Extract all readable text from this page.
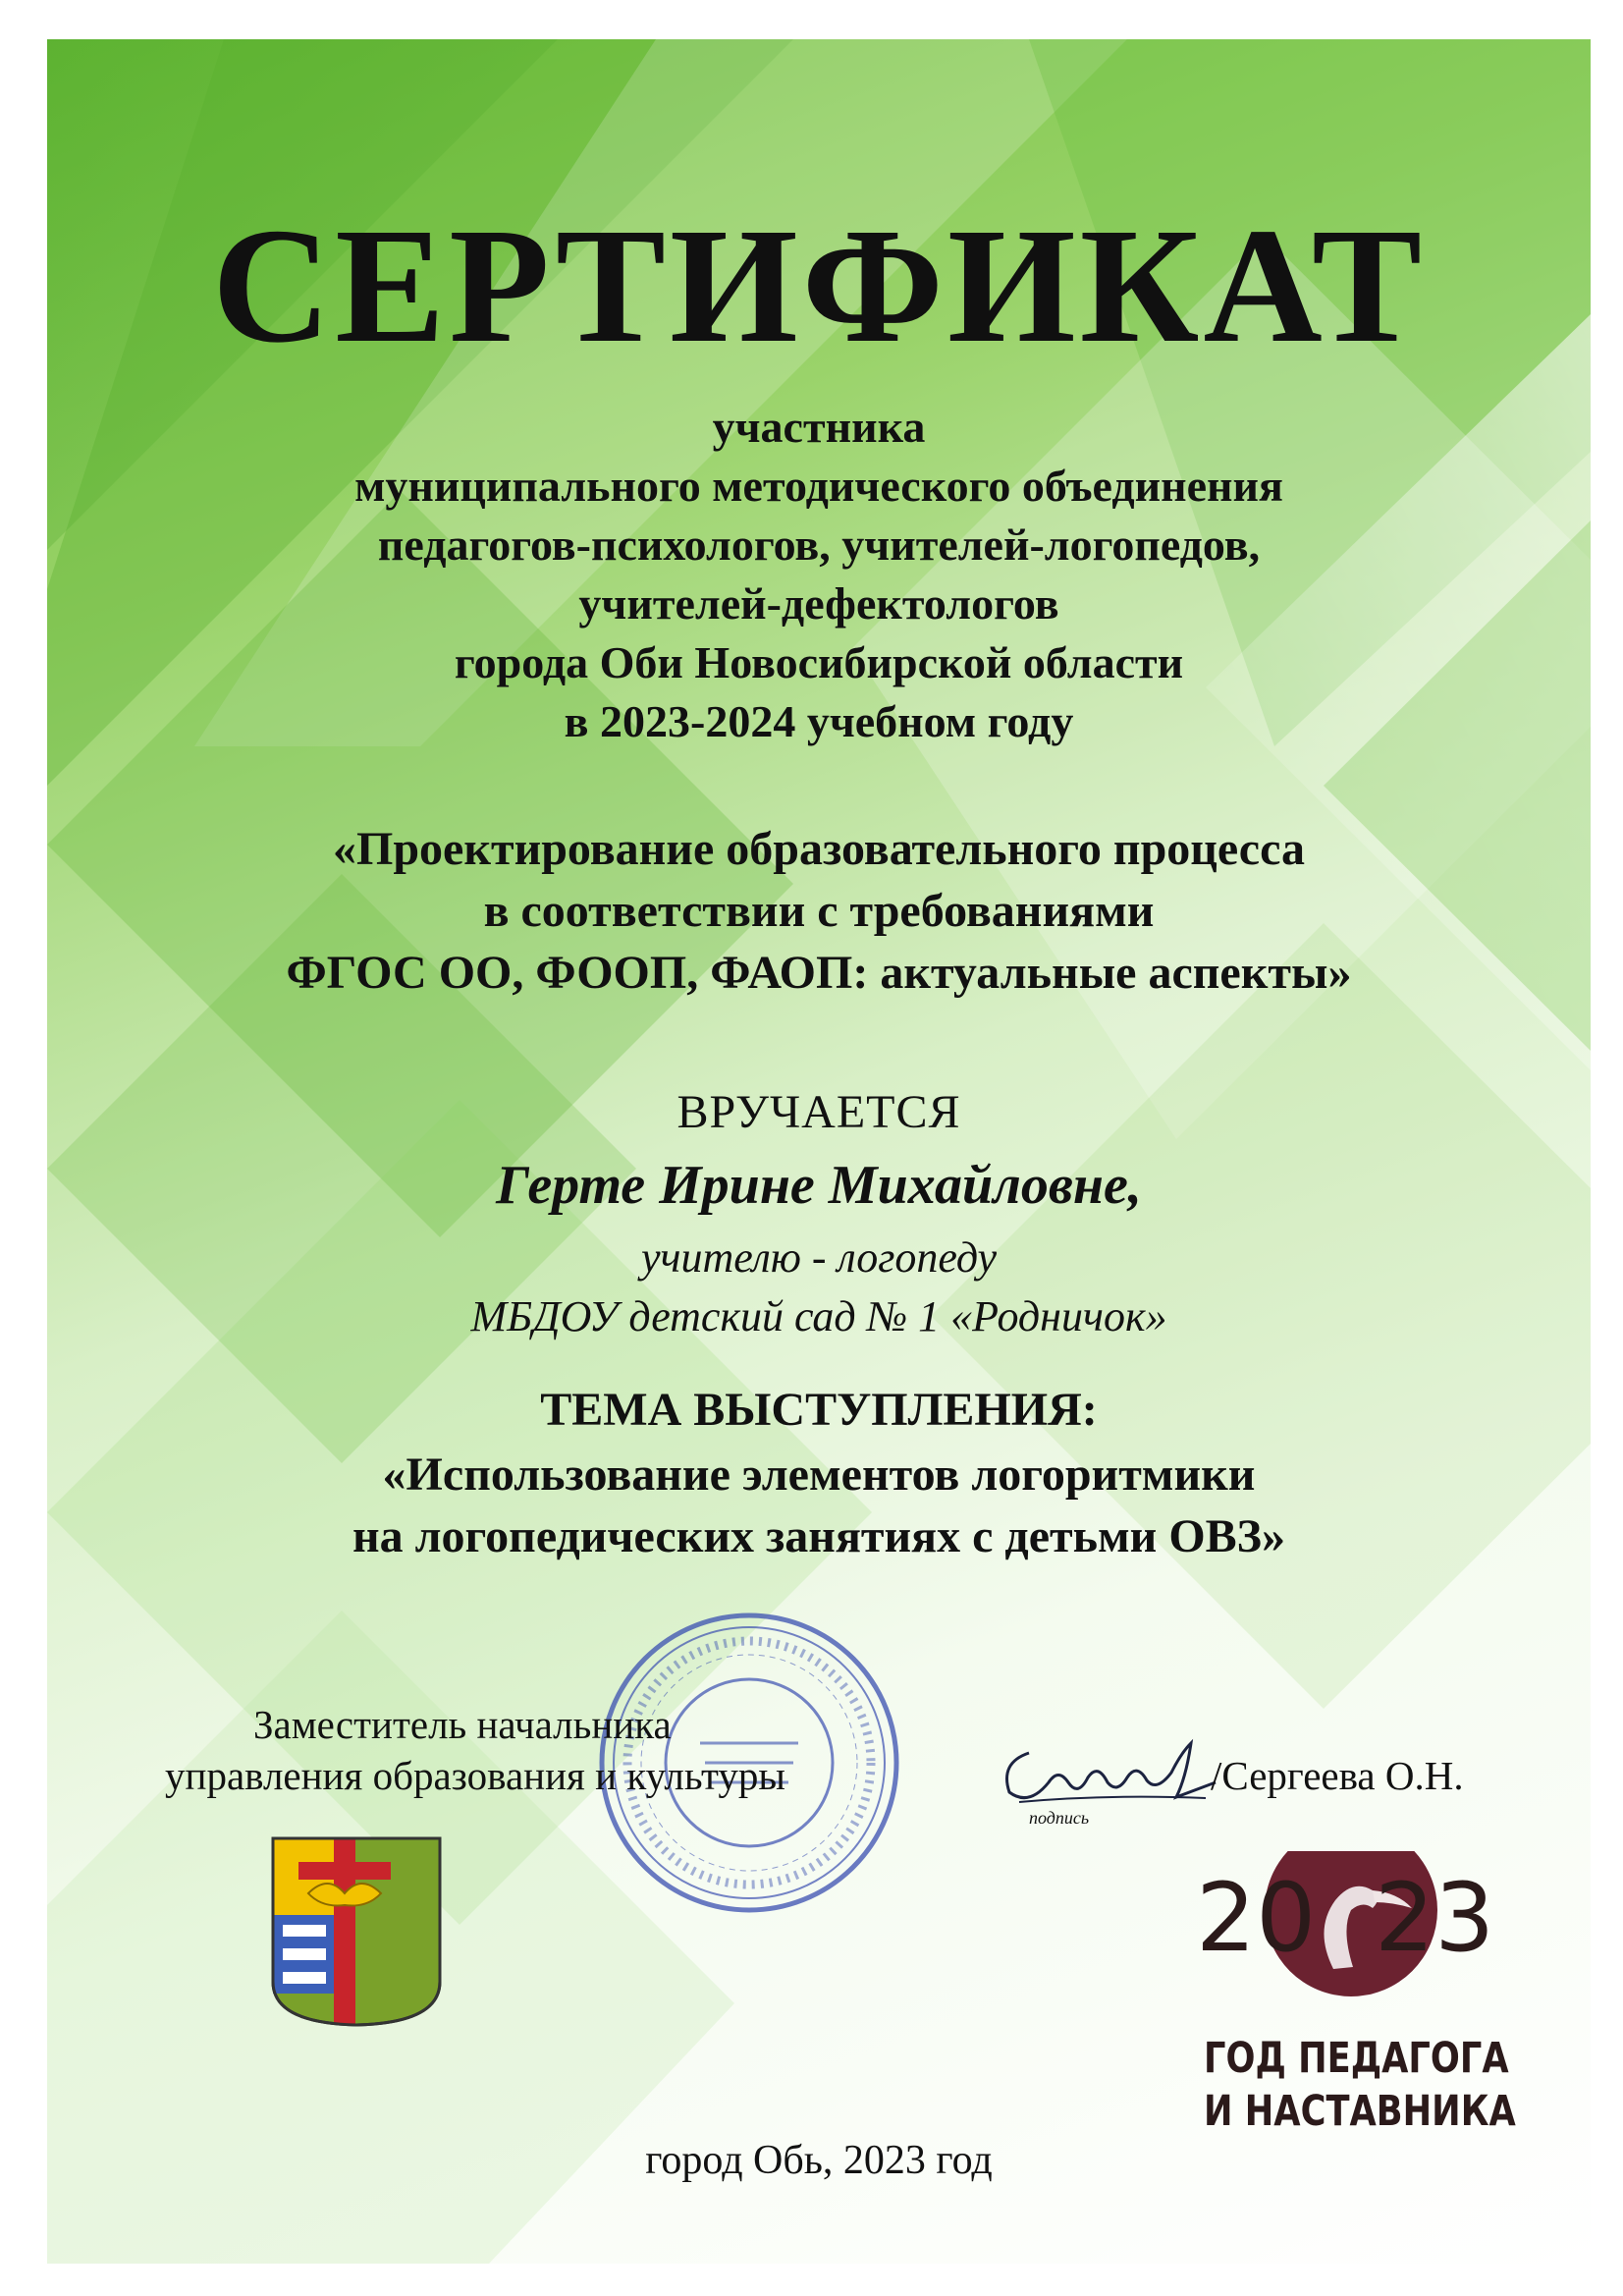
СЕРТИФИКАТ
участника
муниципального методического объединения
педагогов-психологов, учителей-логопедов,
учителей-дефектологов
города Оби Новосибирской области
в 2023-2024 учебном году
«Проектирование образовательного процесса
в соответствии с требованиями
ФГОС ОО, ФООП, ФАОП: актуальные аспекты»
ВРУЧАЕТСЯ
Герте Ирине Михайловне,
учителю - логопеду
МБДОУ детский сад № 1 «Родничок»
ТЕМА ВЫСТУПЛЕНИЯ:
«Использование элементов логоритмики
на логопедических занятиях с детьми ОВЗ»
Заместитель начальника
управления образования и культуры
подпись
/Сергеева О.Н.
20 23
ГОД ПЕДАГОГА
И НАСТАВНИКА
город Обь, 2023 год
